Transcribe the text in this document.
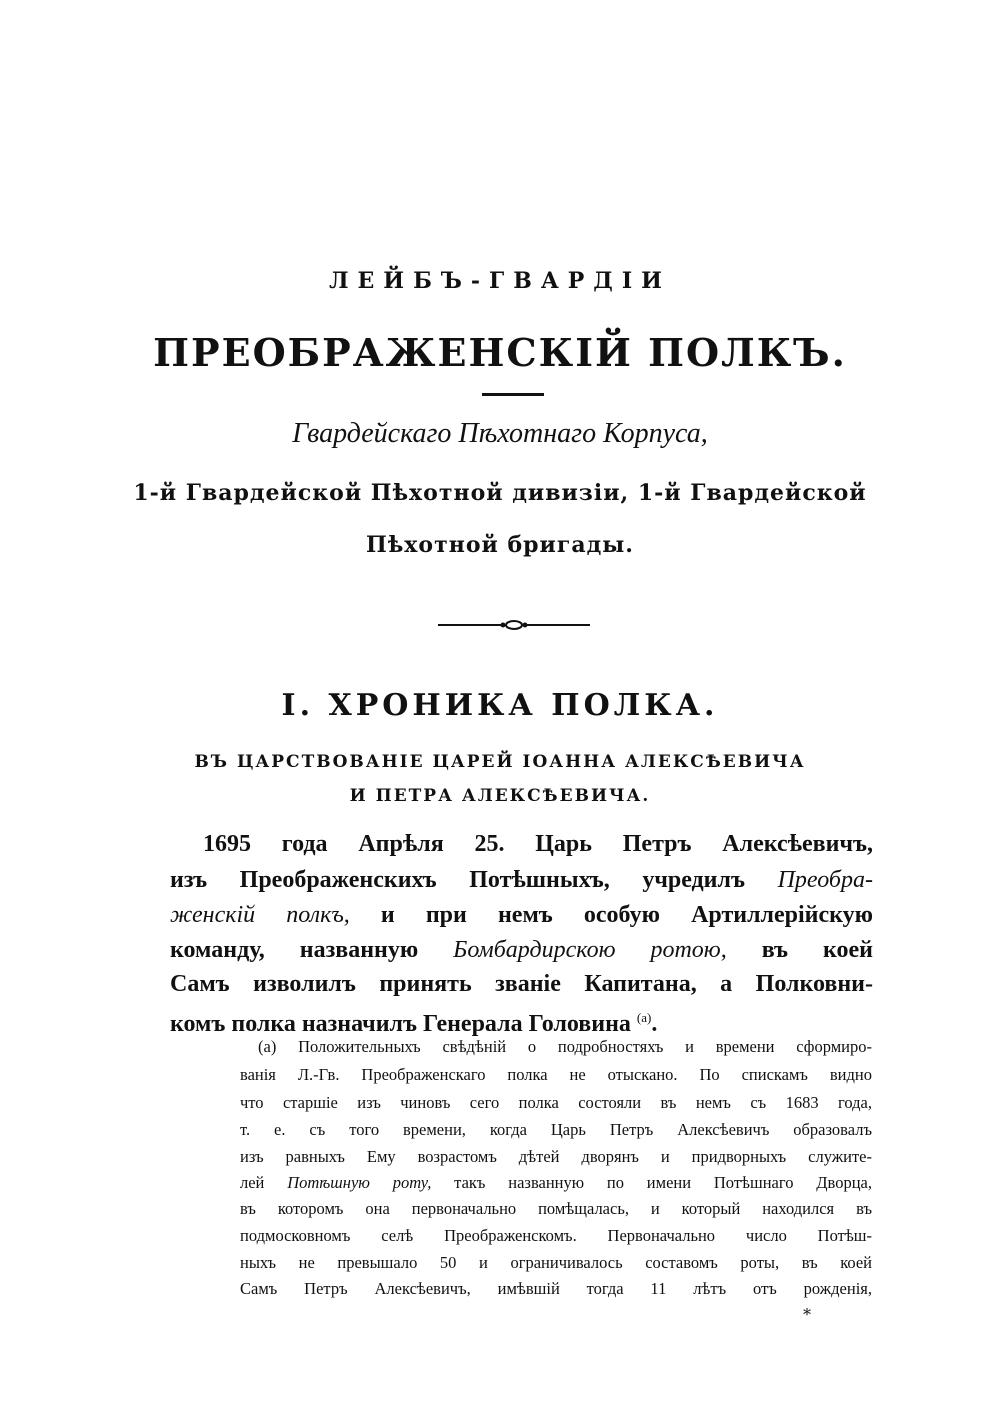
ЛЕЙБЪ-ГВАРДІИ
ПРЕОБРАЖЕНСКІЙ ПОЛКЪ.
Гвардейскаго Пѣхотнаго Корпуса,
1-й Гвардейской Пѣхотной дивизіи, 1-й Гвардейской
Пѣхотной бригады.
I. ХРОНИКА ПОЛКА.
ВЪ ЦАРСТВОВАНІЕ ЦАРЕЙ ІОАННА АЛЕКСѢЕВИЧА
И ПЕТРА АЛЕКСѢЕВИЧА.
1695 года Апрѣля 25. Царь Петръ Алексѣевичъ,
изъ Преображенскихъ Потѣшныхъ, учредилъ Преобра-
женскій полкъ, и при немъ особую Артиллерійскую
команду, названную Бомбардирскою ротою, въ коей
Самъ изволилъ принять званіе Капитана, а Полковни-
комъ полка назначилъ Генерала Головина $^{(a)}$.
(а) Положительныхъ свѣдѣній о подробностяхъ и времени сформиро-
ванія Л.-Гв. Преображенскаго полка не отыскано. По спискамъ видно
что старшіе изъ чиновъ сего полка состояли въ немъ съ 1683 года,
т. е. съ того времени, когда Царь Петръ Алексѣевичъ образовалъ
изъ равныхъ Ему возрастомъ дѣтей дворянъ и придворныхъ служите-
лей Потѣшную роту, такъ названную по имени Потѣшнаго Дворца,
въ которомъ она первоначально помѣщалась, и который находился въ
подмосковномъ селѣ Преображенскомъ. Первоначально число Потѣш-
ныхъ не превышало 50 и ограничивалось составомъ роты, въ коей
Самъ Петръ Алексѣевичъ, имѣвшій тогда 11 лѣтъ отъ рожденія,
*
